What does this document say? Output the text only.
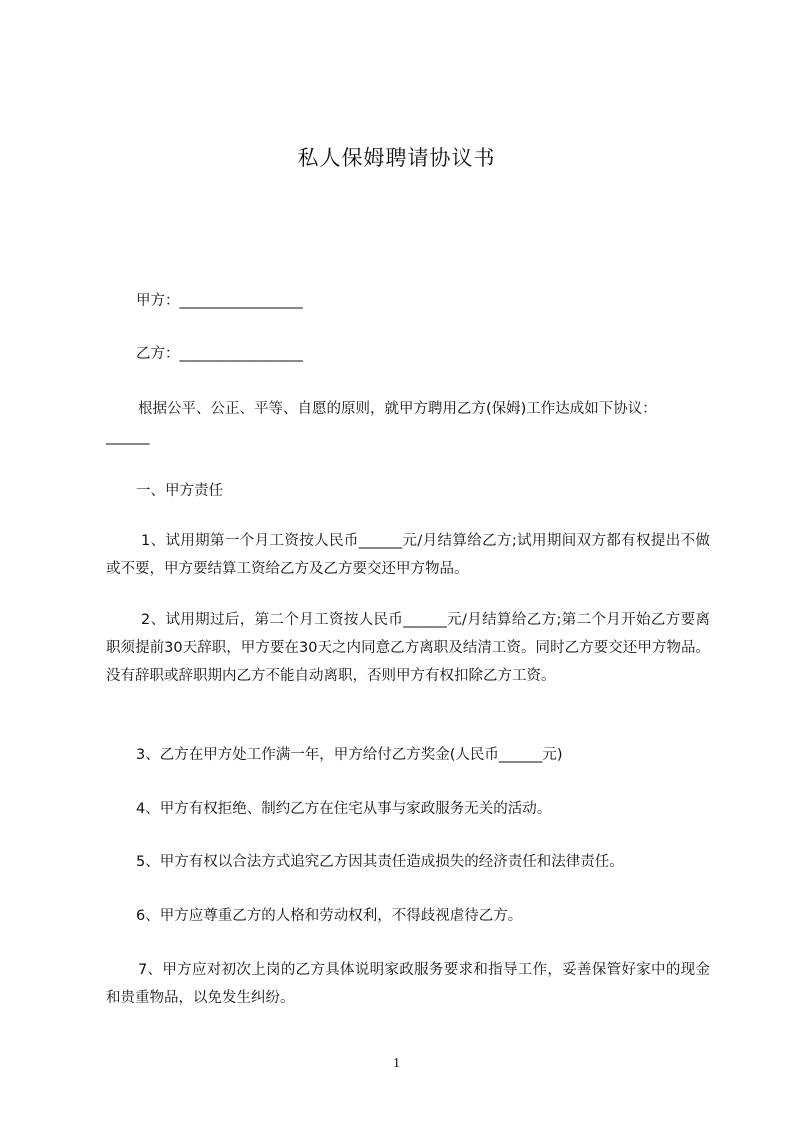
私人保姆聘请协议书

甲方：_________________

乙方：_________________

根据公平、公正、平等、自愿的原则，就甲方聘用乙方(保姆)工作达成如下协议：

______

一、甲方责任

1、试用期第一个月工资按人民币______元/月结算给乙方;试用期间双方都有权提出不做或不要，甲方要结算工资给乙方及乙方要交还甲方物品。

2、试用期过后，第二个月工资按人民币______元/月结算给乙方;第二个月开始乙方要离职须提前30天辞职，甲方要在30天之内同意乙方离职及结清工资。同时乙方要交还甲方物品。没有辞职或辞职期内乙方不能自动离职，否则甲方有权扣除乙方工资。

3、乙方在甲方处工作满一年，甲方给付乙方奖金(人民币______元)

4、甲方有权拒绝、制约乙方在住宅从事与家政服务无关的活动。

5、甲方有权以合法方式追究乙方因其责任造成损失的经济责任和法律责任。

6、甲方应尊重乙方的人格和劳动权利，不得歧视虐待乙方。

7、甲方应对初次上岗的乙方具体说明家政服务要求和指导工作，妥善保管好家中的现金和贵重物品，以免发生纠纷。

1
